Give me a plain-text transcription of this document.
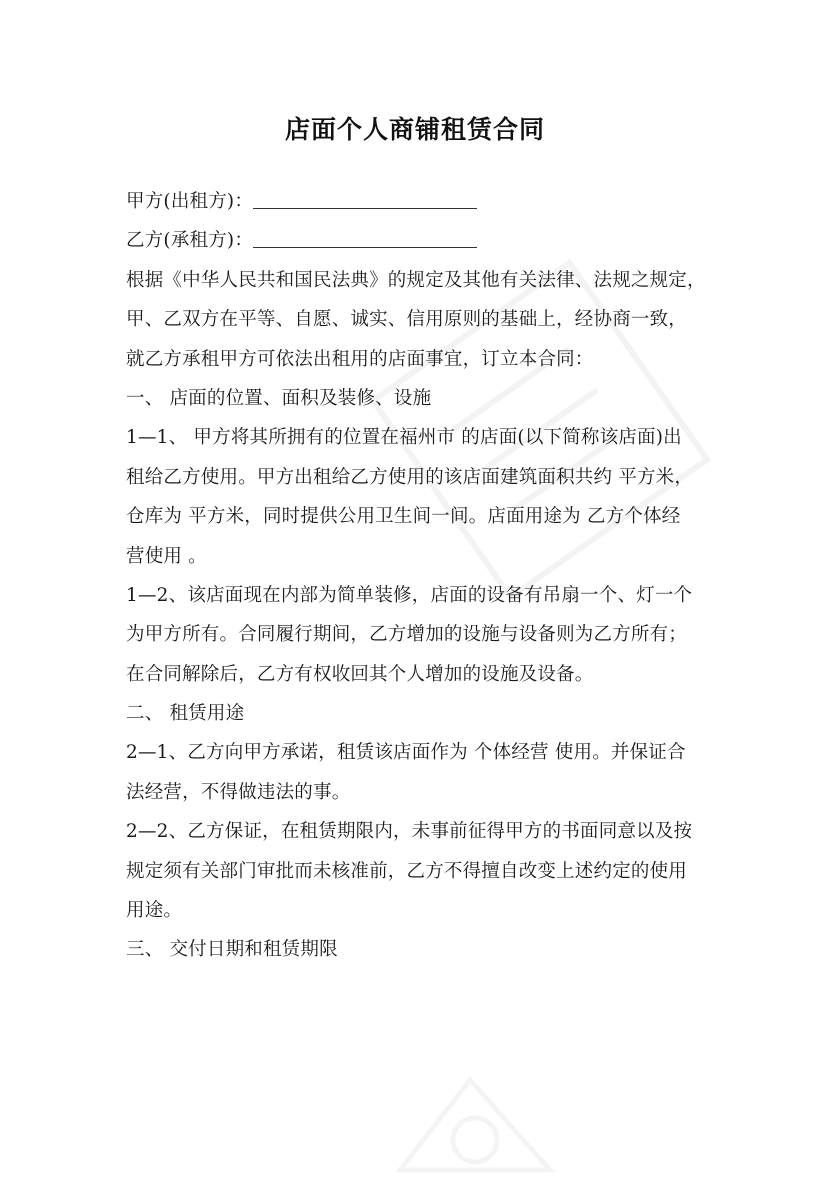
店面个人商铺租赁合同
甲方(出租方)：
乙方(承租方)：
根据《中华人民共和国民法典》的规定及其他有关法律、法规之规定，
甲、乙双方在平等、自愿、诚实、信用原则的基础上，经协商一致，
就乙方承租甲方可依法出租用的店面事宜，订立本合同：
一、 店面的位置、面积及装修、设施
1—1、 甲方将其所拥有的位置在福州市 的店面(以下简称该店面)出
租给乙方使用。甲方出租给乙方使用的该店面建筑面积共约 平方米，
仓库为 平方米，同时提供公用卫生间一间。店面用途为 乙方个体经
营使用 。
1—2、该店面现在内部为简单装修，店面的设备有吊扇一个、灯一个
为甲方所有。合同履行期间，乙方增加的设施与设备则为乙方所有；
在合同解除后，乙方有权收回其个人增加的设施及设备。
二、 租赁用途
2—1、乙方向甲方承诺，租赁该店面作为 个体经营 使用。并保证合
法经营，不得做违法的事。
2—2、乙方保证，在租赁期限内，未事前征得甲方的书面同意以及按
规定须有关部门审批而未核准前，乙方不得擅自改变上述约定的使用
用途。
三、 交付日期和租赁期限
